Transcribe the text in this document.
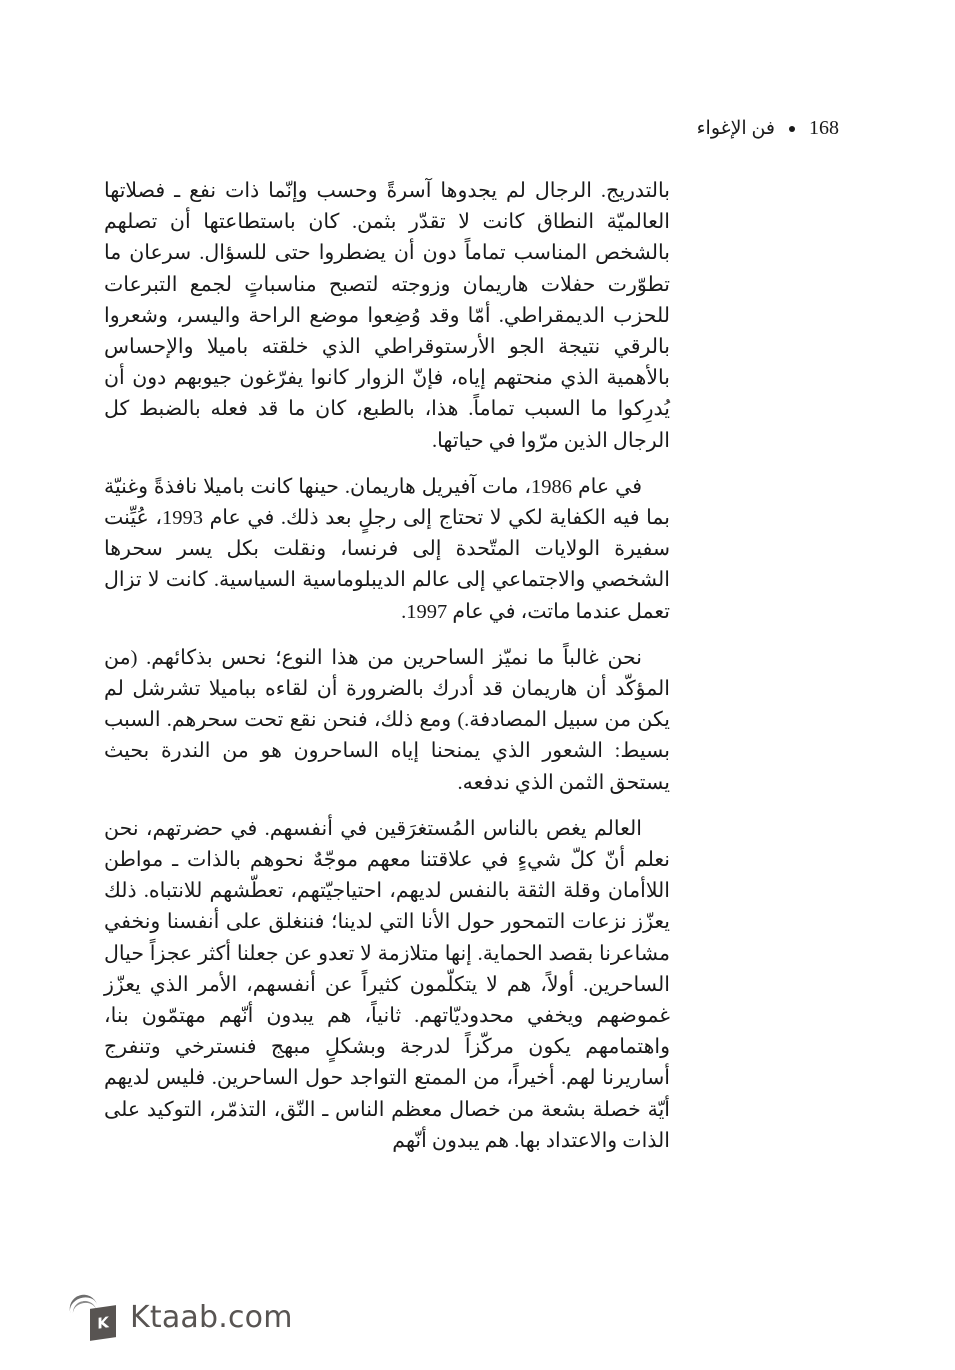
168
فن الإغواء

بالتدريج. الرجال لم يجدوها آسرةً وحسب وإنّما ذات نفع ـ فصلاتها العالميّة النطاق كانت لا تقدّر بثمن. كان باستطاعتها أن تصلهم بالشخص المناسب تماماً دون أن يضطروا حتى للسؤال. سرعان ما تطوّرت حفلات هاريمان وزوجته لتصبح مناسباتٍ لجمع التبرعات للحزب الديمقراطي. أمّا وقد وُضِعوا موضع الراحة واليسر، وشعروا بالرقي نتيجة الجو الأرستوقراطي الذي خلقته باميلا والإحساس بالأهمية الذي منحتهم إياه، فإنّ الزوار كانوا يفرّغون جيوبهم دون أن يُدرِكوا ما السبب تماماً. هذا، بالطبع، كان ما قد فعله بالضبط كل الرجال الذين مرّوا في حياتها.

في عام 1986، مات آفيريل هاريمان. حينها كانت باميلا نافذةً وغنيّة بما فيه الكفاية لكي لا تحتاج إلى رجلٍ بعد ذلك. في عام 1993، عُيِّنت سفيرة الولايات المتّحدة إلى فرنسا، ونقلت بكل يسر سحرها الشخصي والاجتماعي إلى عالم الديبلوماسية السياسية. كانت لا تزال تعمل عندما ماتت، في عام 1997.

نحن غالباً ما نميّز الساحرين من هذا النوع؛ نحس بذكائهم. (من المؤكّد أن هاريمان قد أدرك بالضرورة أن لقاءه بباميلا تشرشل لم يكن من سبيل المصادفة.) ومع ذلك، فنحن نقع تحت سحرهم. السبب بسيط: الشعور الذي يمنحنا إياه الساحرون هو من الندرة بحيث يستحق الثمن الذي ندفعه.

العالم يغص بالناس المُستغرَقين في أنفسهم. في حضرتهم، نحن نعلم أنّ كلّ شيءٍ في علاقتنا معهم موجّهٌ نحوهم بالذات ـ مواطن اللاأمان وقلة الثقة بالنفس لديهم، احتياجيّتهم، تعطّشهم للانتباه. ذلك يعزّز نزعات التمحور حول الأنا التي لدينا؛ فننغلق على أنفسنا ونخفي مشاعرنا بقصد الحماية. إنها متلازمة لا تعدو عن جعلنا أكثر عجزاً حيال الساحرين. أولاً، هم لا يتكلّمون كثيراً عن أنفسهم، الأمر الذي يعزّز غموضهم ويخفي محدوديّاتهم. ثانياً، هم يبدون أنّهم مهتمّون بنا، واهتمامهم يكون مركّزاً لدرجة وبشكلٍ مبهج فنسترخي وتنفرج أساريرنا لهم. أخيراً، من الممتع التواجد حول الساحرين. فليس لديهم أيّة خصلة بشعة من خصال معظم الناس ـ النّق، التذمّر، التوكيد على الذات والاعتداد بها. هم يبدون أنّهم

K Ktaab.com
